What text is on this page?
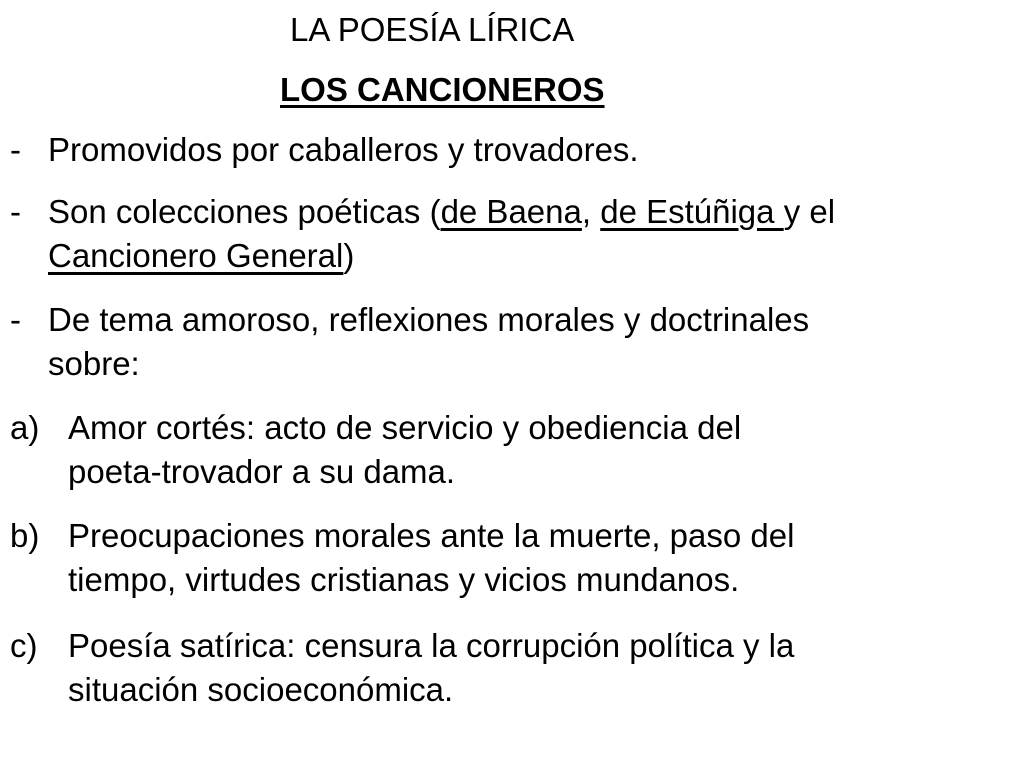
LA POESÍA LÍRICA
LOS CANCIONEROS
- Promovidos por caballeros y trovadores.
- Son colecciones poéticas (de Baena, de Estúñiga y el
Cancionero General)
- De tema amoroso, reflexiones morales y doctrinales
sobre:
a) Amor cortés: acto de servicio y obediencia del
poeta-trovador a su dama.
b) Preocupaciones morales ante la muerte, paso del
tiempo, virtudes cristianas y vicios mundanos.
c) Poesía satírica: censura la corrupción política y la
situación socioeconómica.
